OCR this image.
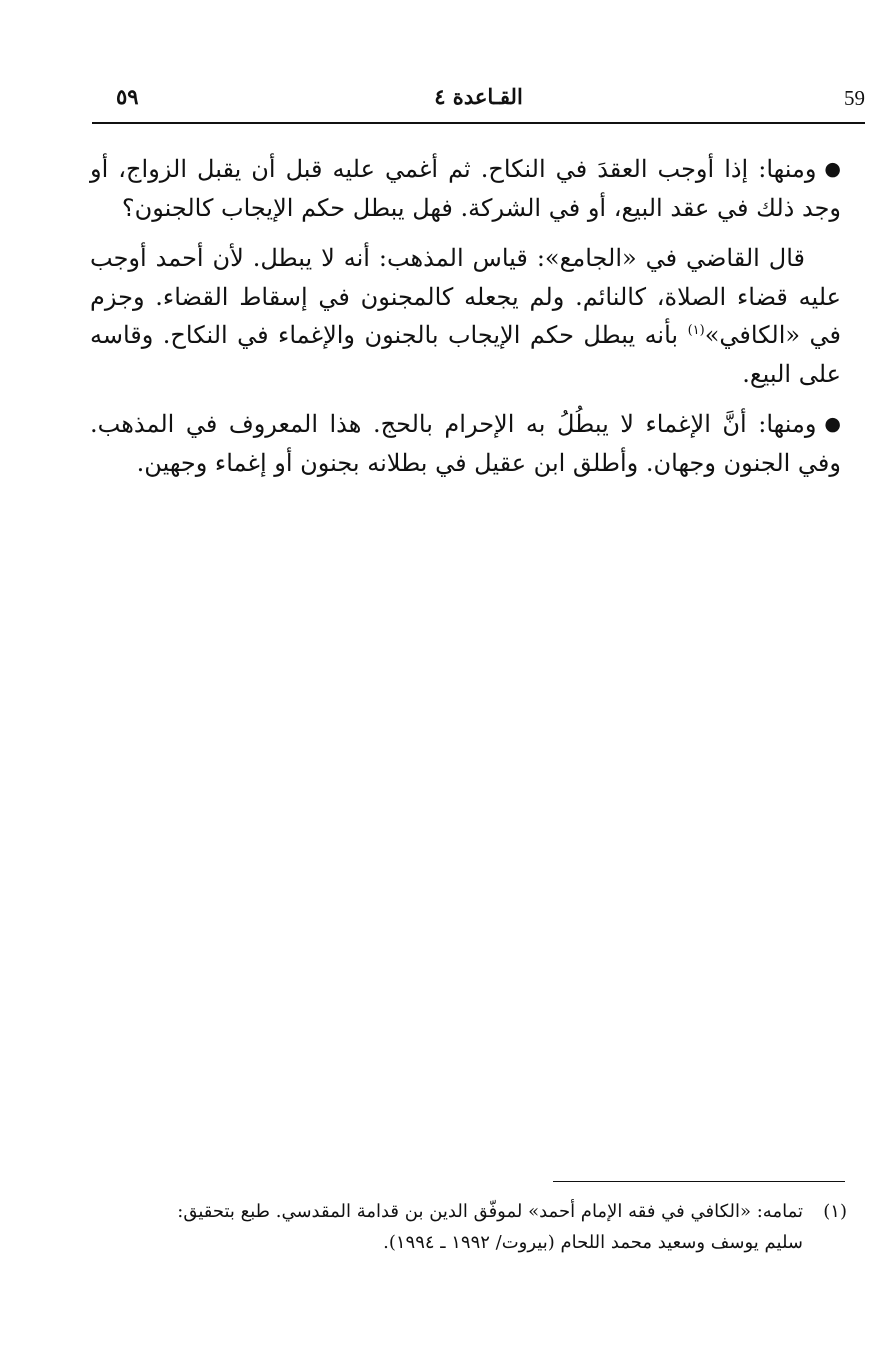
59
القـاعدة ٤
٥٩

●ومنها: إذا أوجب العقدَ في النكاح. ثم أغمي عليه قبل أن يقبل الزواج، أو وجد ذلك في عقد البيع، أو في الشركة. فهل يبطل حكم الإيجاب كالجنون؟

قال القاضي في «الجامع»: قياس المذهب: أنه لا يبطل. لأن أحمد أوجب عليه قضاء الصلاة، كالنائم. ولم يجعله كالمجنون في إسقاط القضاء. وجزم في «الكافي»$^{(١)}$ بأنه يبطل حكم الإيجاب بالجنون والإغماء في النكاح. وقاسه على البيع.

●ومنها: أنَّ الإغماء لا يبطُلُ به الإحرام بالحج. هذا المعروف في المذهب. وفي الجنون وجهان. وأطلق ابن عقيل في بطلانه بجنون أو إغماء وجهين.

(١)تمامه: «الكافي في فقه الإمام أحمد» لموفّق الدين بن قدامة المقدسي. طبع بتحقيق:
سليم يوسف وسعيد محمد اللحام (بيروت/ ١٩٩٢ ـ ١٩٩٤).
